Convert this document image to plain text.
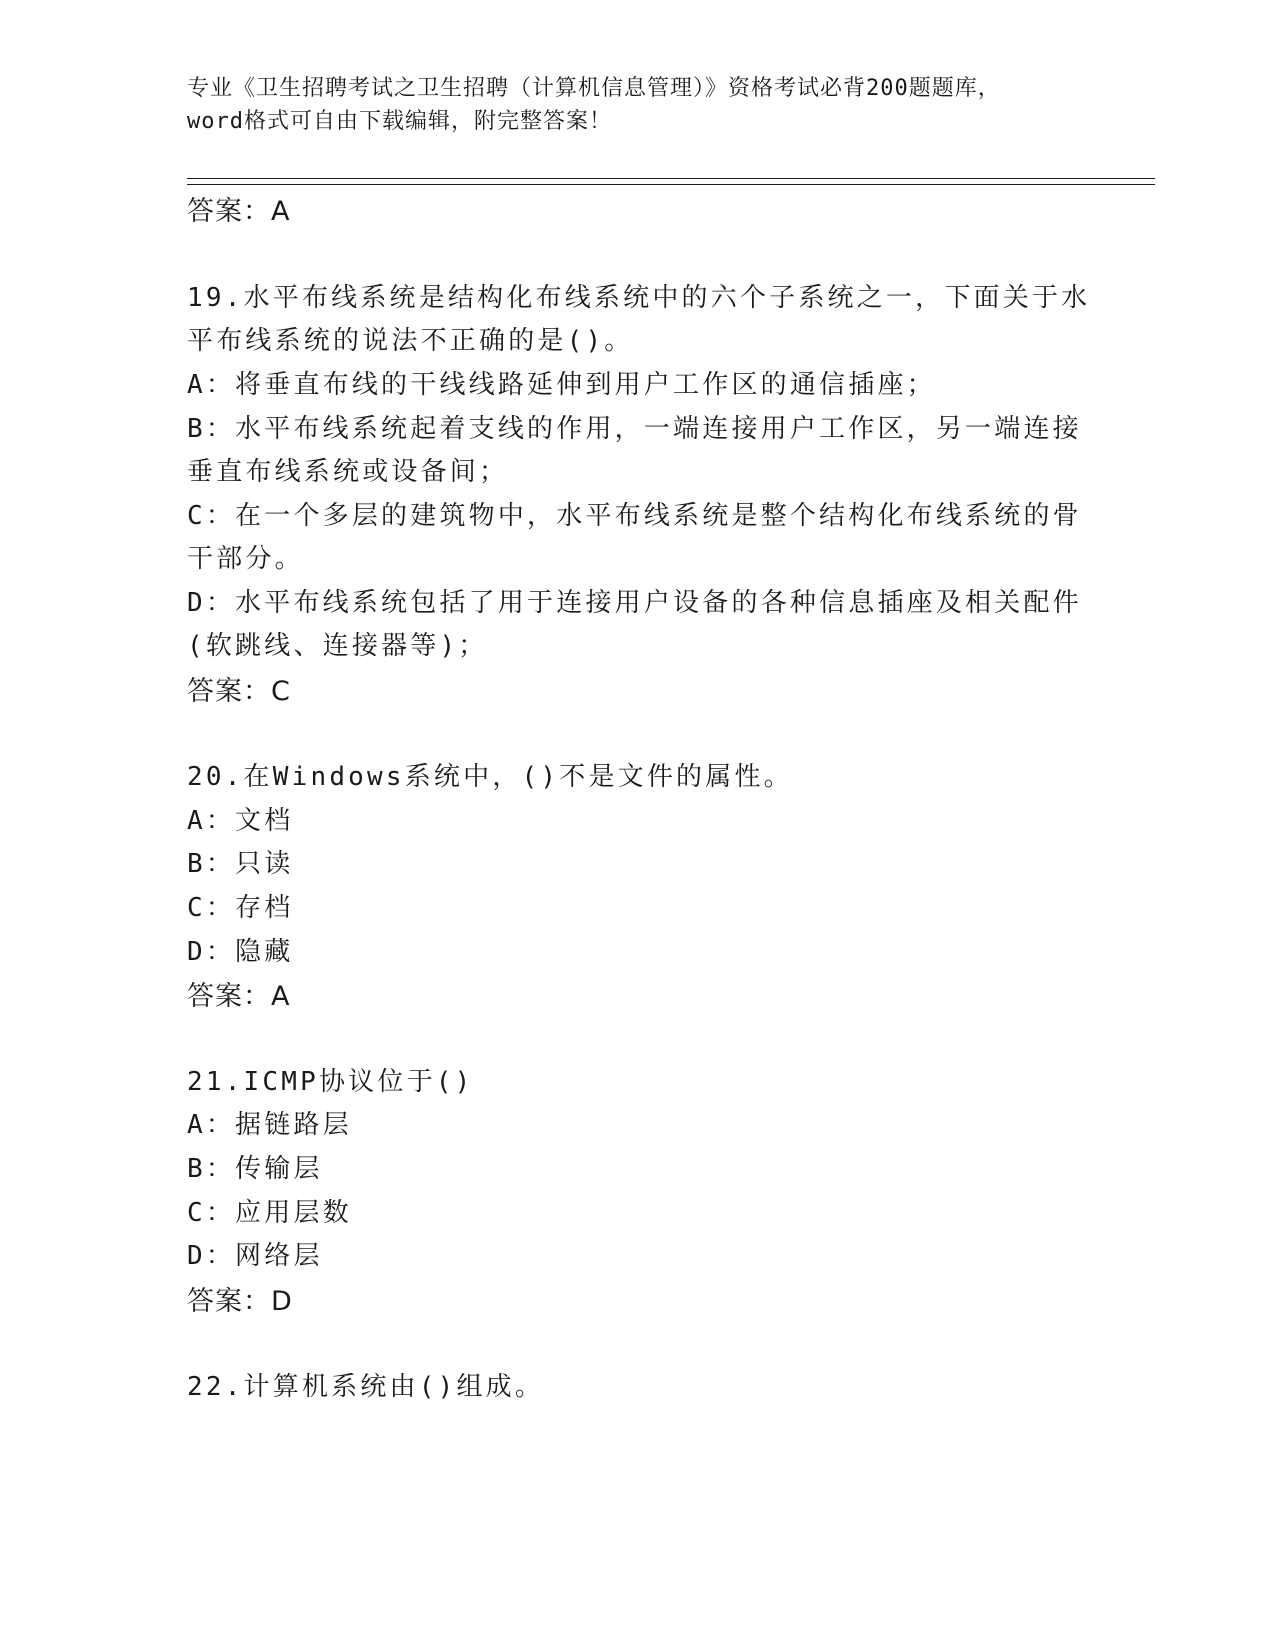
专业《卫生招聘考试之卫生招聘（计算机信息管理）》资格考试必背200题题库，
word格式可自由下载编辑，附完整答案！
答案：A
19.水平布线系统是结构化布线系统中的六个子系统之一，下面关于水
平布线系统的说法不正确的是()。
A：将垂直布线的干线线路延伸到用户工作区的通信插座；
B：水平布线系统起着支线的作用，一端连接用户工作区，另一端连接
垂直布线系统或设备间；
C：在一个多层的建筑物中，水平布线系统是整个结构化布线系统的骨
干部分。
D：水平布线系统包括了用于连接用户设备的各种信息插座及相关配件
(软跳线、连接器等)；
答案：C
20.在Windows系统中，()不是文件的属性。
A：文档
B：只读
C：存档
D：隐藏
答案：A
21.ICMP协议位于()
A：据链路层
B：传输层
C：应用层数
D：网络层
答案：D
22.计算机系统由()组成。
